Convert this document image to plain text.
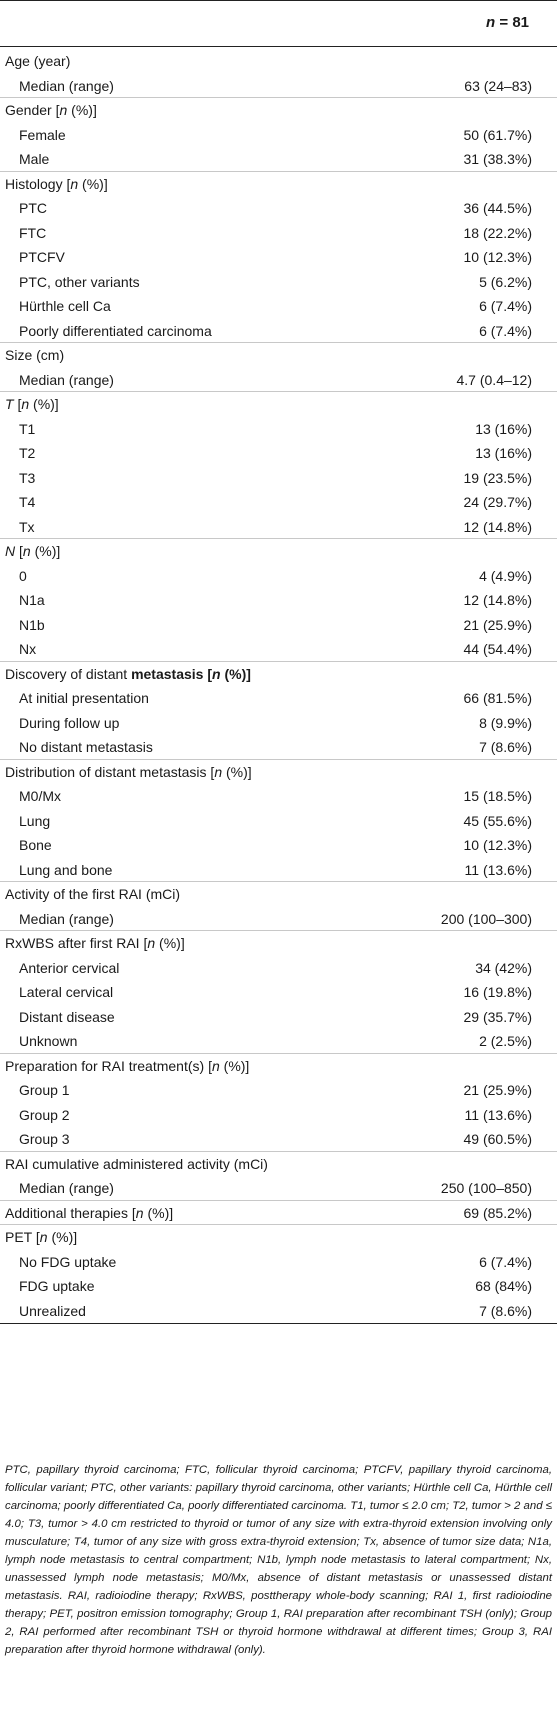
n = 81
Age (year)
Median (range)	63 (24–83)
Gender [n (%)]
Female	50 (61.7%)
Male	31 (38.3%)
Histology [n (%)]
PTC	36 (44.5%)
FTC	18 (22.2%)
PTCFV	10 (12.3%)
PTC, other variants	5 (6.2%)
Hürthle cell Ca	6 (7.4%)
Poorly differentiated carcinoma	6 (7.4%)
Size (cm)
Median (range)	4.7 (0.4–12)
T [n (%)]
T1	13 (16%)
T2	13 (16%)
T3	19 (23.5%)
T4	24 (29.7%)
Tx	12 (14.8%)
N [n (%)]
0	4 (4.9%)
N1a	12 (14.8%)
N1b	21 (25.9%)
Nx	44 (54.4%)
Discovery of distant metastasis [n (%)]
At initial presentation	66 (81.5%)
During follow up	8 (9.9%)
No distant metastasis	7 (8.6%)
Distribution of distant metastasis [n (%)]
M0/Mx	15 (18.5%)
Lung	45 (55.6%)
Bone	10 (12.3%)
Lung and bone	11 (13.6%)
Activity of the first RAI (mCi)
Median (range)	200 (100–300)
RxWBS after first RAI [n (%)]
Anterior cervical	34 (42%)
Lateral cervical	16 (19.8%)
Distant disease	29 (35.7%)
Unknown	2 (2.5%)
Preparation for RAI treatment(s) [n (%)]
Group 1	21 (25.9%)
Group 2	11 (13.6%)
Group 3	49 (60.5%)
RAI cumulative administered activity (mCi)
Median (range)	250 (100–850)
Additional therapies [n (%)]	69 (85.2%)
PET [n (%)]
No FDG uptake	6 (7.4%)
FDG uptake	68 (84%)
Unrealized	7 (8.6%)
PTC, papillary thyroid carcinoma; FTC, follicular thyroid carcinoma; PTCFV, papillary thyroid carcinoma, follicular variant; PTC, other variants: papillary thyroid carcinoma, other variants; Hürthle cell Ca, Hürthle cell carcinoma; poorly differentiated Ca, poorly differentiated carcinoma. T1, tumor ≤ 2.0 cm; T2, tumor > 2 and ≤ 4.0; T3, tumor > 4.0 cm restricted to thyroid or tumor of any size with extra-thyroid extension involving only musculature; T4, tumor of any size with gross extra-thyroid extension; Tx, absence of tumor size data; N1a, lymph node metastasis to central compartment; N1b, lymph node metastasis to lateral compartment; Nx, unassessed lymph node metastasis; M0/Mx, absence of distant metastasis or unassessed distant metastasis. RAI, radioiodine therapy; RxWBS, posttherapy whole-body scanning; RAI 1, first radioiodine therapy; PET, positron emission tomography; Group 1, RAI preparation after recombinant TSH (only); Group 2, RAI performed after recombinant TSH or thyroid hormone withdrawal at different times; Group 3, RAI preparation after thyroid hormone withdrawal (only).
